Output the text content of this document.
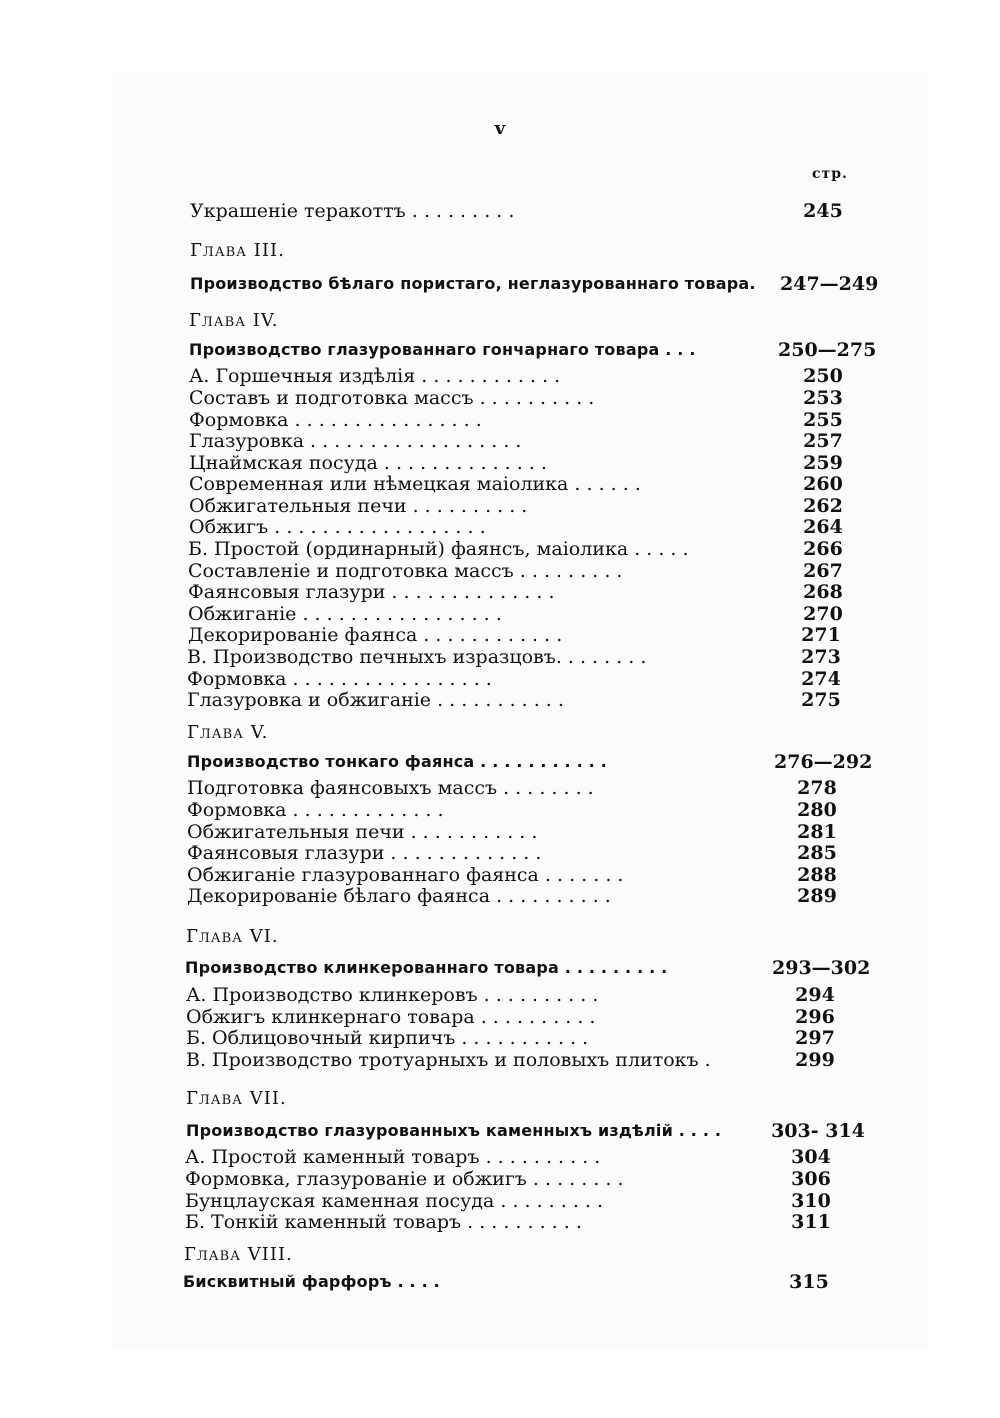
v
стр.
Украшеніе теракоттъ . . . . . . . . .	245
Глава III.
Производство бѣлаго пористаго, неглазурованнаго товара. 247—249
Глава IV.
Производство глазурованнаго гончарнаго товара . . .	250—275
А. Горшечныя издѣлія . . . . . . . . . . . .	250
Составъ и подготовка массъ . . . . . . . . . .	253
Формовка . . . . . . . . . . . . . . . .	255
Глазуровка . . . . . . . . . . . . . . . . . .	257
Цнаймская посуда . . . . . . . . . . . . . .	259
Современная или нѣмецкая маіолика . . . . . .	260
Обжигательныя печи . . . . . . . . . .	262
Обжигъ . . . . . . . . . . . . . . . . . .	264
Б. Простой (ординарный) фаянсъ, маіолика . . . . .	266
Составленіе и подготовка массъ . . . . . . . . .	267
Фаянсовыя глазури . . . . . . . . . . . . . .	268
Обжиганіе . . . . . . . . . . . . . . . . .	270
Декорированіе фаянса . . . . . . . . . . . .	271
В. Производство печныхъ изразцовъ. . . . . . . .	273
Формовка . . . . . . . . . . . . . . . . .	274
Глазуровка и обжиганіе . . . . . . . . . . .	275
Глава V.
Производство тонкаго фаянса . . . . . . . . . . .	276—292
Подготовка фаянсовыхъ массъ . . . . . . . .	278
Формовка . . . . . . . . . . . . .	280
Обжигательныя печи . . . . . . . . . . .	281
Фаянсовыя глазури . . . . . . . . . . . . .	285
Обжиганіе глазурованнаго фаянса . . . . . . .	288
Декорированіе бѣлаго фаянса . . . . . . . . . .	289
Глава VI.
Производство клинкерованнаго товара . . . . . . . . .	293—302
А. Производство клинкеровъ . . . . . . . . . .	294
Обжигъ клинкернаго товара . . . . . . . . . .	296
Б. Облицовочный кирпичъ . . . . . . . . . . .	297
В. Производство тротуарныхъ и половыхъ плитокъ .	299
Глава VII.
Производство глазурованныхъ каменныхъ издѣлій . . . .	303- 314
А. Простой каменный товаръ . . . . . . . . . .	304
Формовка, глазурованіе и обжигъ . . . . . . . .	306
Бунцлауская каменная посуда . . . . . . . . .	310
Б. Тонкій каменный товаръ . . . . . . . . . .	311
Глава VIII.
Бисквитный фарфоръ . . . .	315
